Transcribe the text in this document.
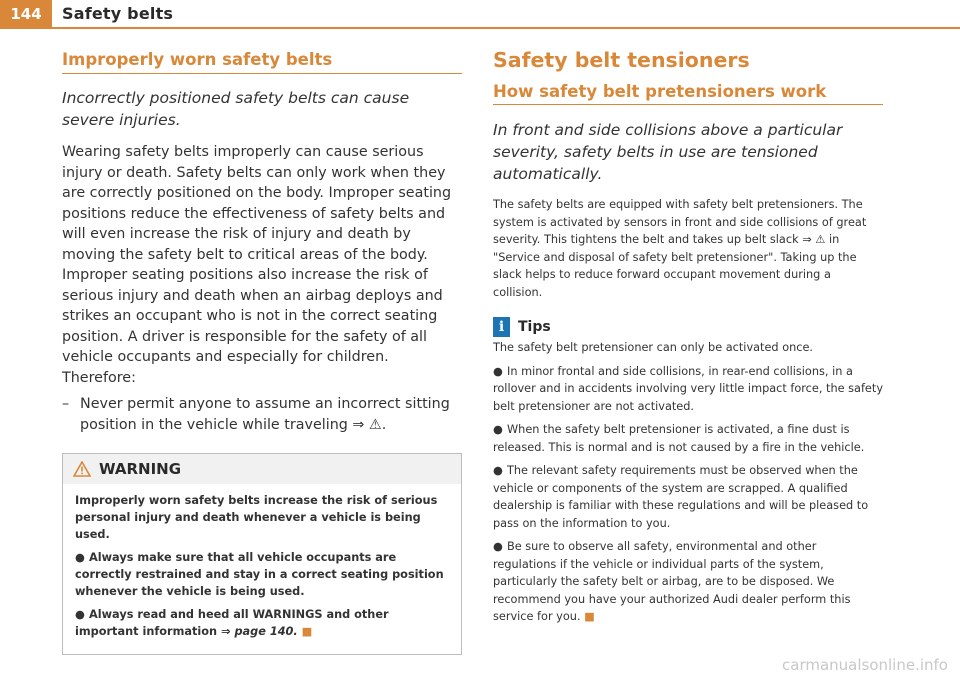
144	Safety belts
Improperly worn safety belts

Incorrectly positioned safety belts can cause severe injuries.

Wearing safety belts improperly can cause serious injury or death. Safety belts can only work when they are correctly positioned on the body. Improper seating positions reduce the effectiveness of safety belts and will even increase the risk of injury and death by moving the safety belt to critical areas of the body. Improper seating positions also increase the risk of serious injury and death when an airbag deploys and strikes an occupant who is not in the correct seating position. A driver is responsible for the safety of all vehicle occupants and especially for children. Therefore:

– Never permit anyone to assume an incorrect sitting position in the vehicle while traveling ⇒ ⚠.
WARNING

Improperly worn safety belts increase the risk of serious personal injury and death whenever a vehicle is being used.

● Always make sure that all vehicle occupants are correctly restrained and stay in a correct seating position whenever the vehicle is being used.

● Always read and heed all WARNINGS and other important information ⇒ page 140. ■

Safety belt tensioners
How safety belt pretensioners work

In front and side collisions above a particular severity, safety belts in use are tensioned automatically.

The safety belts are equipped with safety belt pretensioners. The system is activated by sensors in front and side collisions of great severity. This tightens the belt and takes up belt slack ⇒ ⚠ in "Service and disposal of safety belt pretensioner". Taking up the slack helps to reduce forward occupant movement during a collision.

i Tips

The safety belt pretensioner can only be activated once.

● In minor frontal and side collisions, in rear-end collisions, in a rollover and in accidents involving very little impact force, the safety belt pretensioner are not activated.

● When the safety belt pretensioner is activated, a fine dust is released. This is normal and is not caused by a fire in the vehicle.

● The relevant safety requirements must be observed when the vehicle or components of the system are scrapped. A qualified dealership is familiar with these regulations and will be pleased to pass on the information to you.

● Be sure to observe all safety, environmental and other regulations if the vehicle or individual parts of the system, particularly the safety belt or airbag, are to be disposed. We recommend you have your authorized Audi dealer perform this service for you. ■

carmanualsonline.info
